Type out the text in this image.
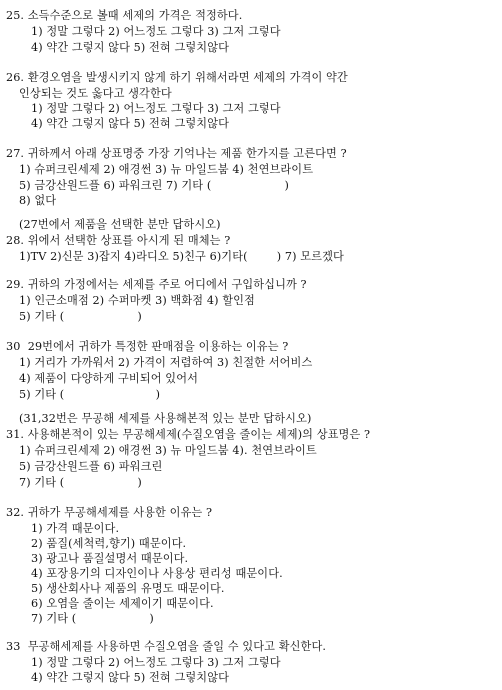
25. 소득수준으로 볼때 세제의 가격은 적정하다.
1) 정말 그렇다 2) 어느정도 그렇다 3) 그저 그렇다
4) 약간 그렇지 않다 5) 전혀 그렇치않다
26. 환경오염을 발생시키지 않게 하기 위해서라면 세제의 가격이 약간
인상되는 것도 옳다고 생각한다
1) 정말 그렇다 2) 어느정도 그렇다 3) 그저 그렇다
4) 약간 그렇지 않다 5) 전혀 그렇치않다
27. 귀하께서 아래 상표명중 가장 기억나는 제품 한가지를 고른다면 ?
1) 슈퍼크린세제 2) 애경썬 3) 뉴 마일드붐 4) 천연브라이트
5) 금강산원드플 6) 파워크린 7) 기타 (                    )
8) 없다
(27번에서 제품을 선택한 분만 답하시오)
28. 위에서 선택한 상표를 아시게 된 매체는 ?
1)TV 2)신문 3)잡지 4)라디오 5)친구 6)기타(        ) 7) 모르겠다
29. 귀하의 가정에서는 세제를 주로 어디에서 구입하십니까 ?
1) 인근소매점 2) 수퍼마켓 3) 백화점 4) 할인점
5) 기타 (                    )
30  29번에서 귀하가 특정한 판매점을 이용하는 이유는 ?
1) 거리가 가까워서 2) 가격이 저렴하여 3) 친절한 서어비스
4) 제품이 다양하게 구비되어 있어서
5) 기타 (                         )
(31,32번은 무공해 세제를 사용해본적 있는 분만 답하시오)
31. 사용해본적이 있는 무공해세제(수질오염을 줄이는 세제)의 상표명은 ?
1) 슈퍼크린세제 2) 애경썬 3) 뉴 마일드붐 4). 천연브라이트
5) 금강산원드플 6) 파워크린
7) 기타 (                    )
32. 귀하가 무공해세제를 사용한 이유는 ?
1) 가격 때문이다.
2) 품질(세척력,향기) 때문이다.
3) 광고나 품질설명서 때문이다.
4) 포장용기의 디자인이나 사용상 편리성 때문이다.
5) 생산회사나 제품의 유명도 때문이다.
6) 오염을 줄이는 세제이기 때문이다.
7) 기타 (                    )
33  무공해세제를 사용하면 수질오염을 줄일 수 있다고 확신한다.
1) 정말 그렇다 2) 어느정도 그렇다 3) 그저 그렇다
4) 약간 그렇지 않다 5) 전혀 그렇치않다
